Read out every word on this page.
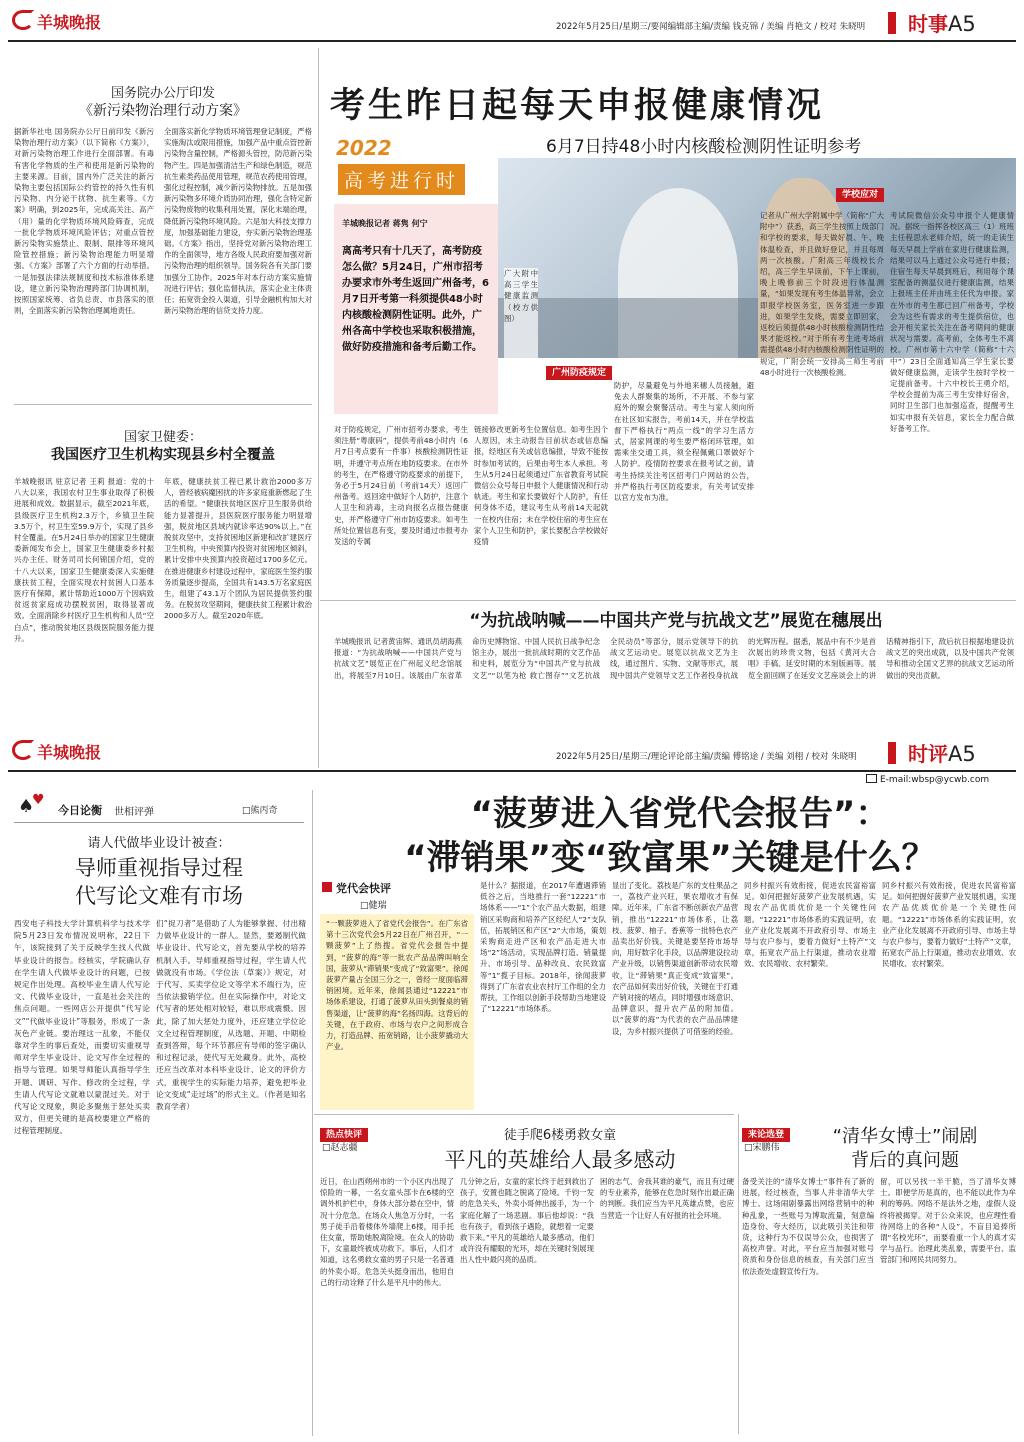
羊城晚报	2022年5月25日/星期三/要闻编辑部主编/责编 钱克锦 / 美编 肖艳文 / 校对 朱晓明 时事A5
国务院办公厅印发
《新污染物治理行动方案》
据新华社电 国务院办公厅日前印发《新污染物治理行动方案》（以下简称《方案》），对新污染物治理工作进行全面部署。有毒有害化学物质的生产和使用是新污染物的主要来源。目前，国内外广泛关注的新污染物主要包括国际公约管控的持久性有机污染物、内分泌干扰物、抗生素等。《方案》明确，到2025年，完成高关注、高产（用）量的化学物质环境风险筛查，完成一批化学物质环境风险评估；对重点管控新污染物实施禁止、限制、限排等环境风险管控措施；新污染物治理能力明显增强。《方案》部署了六个方面的行动举措。一是加强法律法规制度和技术标准体系建设，建立新污染物治理跨部门协调机制，按照国家统筹、省负总责、市县落实的原则，全面落实新污染物治理属地责任。
全面落实新化学物质环境管理登记制度，严格实施淘汰或限用措施，加强产品中重点管控新污染物含量控制，严格源头管控，防范新污染物产生。四是加强清洁生产和绿色制造，规范抗生素类药品使用管理，规范农药使用管理，强化过程控制，减少新污染物排放。五是加强新污染物多环境介质协同治理，强化含特定新污染物废物的收集利用处置，深化末端治理，降低新污染物环境风险。六是加大科技支撑力度，加强基础能力建设，夯实新污染物治理基础。《方案》指出，坚持党对新污染物治理工作的全面领导，地方各级人民政府要加强对新污染物治理的组织领导。国务院各有关部门要加强分工协作。2025年对本行动方案实施情况进行评估；强化监督执法，落实企业主体责任；拓宽资金投入渠道，引导金融机构加大对新污染物治理的信贷支持力度。
国家卫健委：
我国医疗卫生机构实现县乡村全覆盖
羊城晚报讯 驻京记者 王莉 报道：党的十八大以来，我国农村卫生事业取得了积极进展和成效。数据显示，截至2021年底，县级医疗卫生机构2.3万个，乡镇卫生院3.5万个，村卫生室59.9万个，实现了县乡村全覆盖。在5月24日举办的国家卫生健康委新闻发布会上，国家卫生健康委乡村振兴办主任、财务司司长何锦国介绍，党的十八大以来，国家卫生健康委深入实施健康扶贫工程，全面实现农村贫困人口基本医疗有保障，累计帮助近1000万个因病致贫返贫家庭成功摆脱贫困，取得显著成效。全面消除乡村医疗卫生机构和人员“空白点”，推动脱贫地区县级医院服务能力提升。
年底，健康扶贫工程已累计救治2000多万人，曾经被病魔困扰的许多家庭重新燃起了生活的希望。“健康扶贫地区医疗卫生服务供给能力显著提升，县医院医疗服务能力明显增强，脱贫地区县域内就诊率达90%以上。”在脱贫攻坚中，支持贫困地区新建和改扩建医疗卫生机构，中央预算内投资对贫困地区倾斜，累计安排中央预算内投资超过1700多亿元。在推进健康乡村建设过程中，家庭医生签约服务质量逐步提高，全国共有143.5万名家庭医生，组建了43.1万个团队为居民提供签约服务。在脱贫攻坚期间，健康扶贫工程累计救治2000多万人。截至2020年底。
考生昨日起每天申报健康情况
6月7日持48小时内核酸检测阴性证明参考
2022
高考进行时
广大附中高三学生健康监测（校方供图）
羊城晚报记者 蒋隽 何宁
离高考只有十几天了，高考防疫怎么做？5月24日，广州市招考办要求市外考生返回广州备考，6月7日开考第一科须提供48小时内核酸检测阴性证明。此外，广州各高中学校也采取积极措施，做好防疫措施和备考后勤工作。
学校应对
广州防疫规定
记者从广州大学附属中学（简称“广大附中”）获悉，高三学生按照上级部门和学校的要求，每天做好晨、午、晚体温检查，并且做好登记，并且每周两一次核酸。广附高三年级校长介绍，高三学生早读前，下午上课前，晚上晚修前三个时段进行体温测量，“如果发现有考生体温异常，会立即报学校医务室，医务室进一步跟进，如果学生发烧，需要立即回家，返校后须提供48小时核酸检测阴性结果才能返校。”对于所有考生进考场前需提供48小时内核酸检测阴性证明的规定，广附会统一安排高三师生考前48小时进行一次核酸检测。
考试院微信公众号申报个人健康情况。据统一指挥各校区高三（1）班班主任程思永老师介绍，统一的走读生每天早晨上学前在家进行健康监测，结果可以马上通过公众号进行申报；住宿生每天早晨到班后，利用每个课室配备的测温仪进行健康监测，结果上报班主任并由班主任代为申报。家在外市的考生都已回广州备考，学校会为这些有需求的考生提供宿位，也会开相关家长关注在备考期间的健康状况与需要。高考前，全体考生不离校。广州市第十六中学（简称“十六中”）23日全面通知高三学生家长要做好健康监测，走读学生按时学校一定提前备考。十六中校长王勇介绍，学校会提前为高三考生安排好宿舍，同时卫生部门也加强巡查，提醒考生如实申报有关信息，家长全力配合做好备考工作。
对于防疫规定，广州市招考办要求，考生须注册“粤康码”，提供考前48小时内（6月7日考点要有一件事）核酸检测阴性证明，并遵守考点所在地防疫要求。在市外的考生，在严格遵守防疫要求的前提下，务必于5月24日前（考前14天）返回广州备考。返回途中做好个人防护，注意个人卫生和消毒，主动向报名点报告健康史，并严格遵守广州市防疫要求。如考生所处位置信息有变，要及时通过市报考办发送的专属
链接修改更新考生位置信息。如考生因个人原因，未主动报告目前状态或信息编报，经地区有关或信息编报，导致不能按时参加考试的，后果由考生本人承担。考生从5月24日起须通过广东省教育考试院微信公众号每日申报个人健康情况和行动轨迹。考生和家长要做好个人防护，有任何身体不适，建议考生从考前14天起就一在校内住宿；未在学校住宿的考生应在家个人卫生和防护，家长要配合学校做好疫情
防护，尽量避免与外地来穗人员接触，避免去人群聚集的场所，不开展、不参与家庭外的聚会聚餐活动。考生与家人须向所在社区如实报告，考前14天，并在学校监督下严格执行“两点一线”的学习生活方式，居家网课的考生要严格闭环管理，如需乘坐交通工具，须全程佩戴口罩做好个人防护。疫情防控要求在报考试之前，请考生持续关注考区招考门户网站的公告，并严格执行考区防疫要求，有关考试安排以官方发布为准。
“为抗战呐喊——中国共产党与抗战文艺”展览在穗展出
羊城晚报讯 记者黄宙辉、通讯员胡海燕报道：“为抗战呐喊——中国共产党与抗战文艺”展览正在广州起义纪念馆展出，将展至7月10日。该展由广东省革命历史博物馆、中国人民抗日战争纪念馆主办，展出一批抗战时期的文艺作品和史料，展览分为“中国共产党与抗战文艺”“以笔为枪 救亡图存”“文艺抗战 全民动员”等部分，展示党领导下的抗战文艺运动史。展览以抗战文艺为主线，通过图片、实物、文献等形式，展现中国共产党领导文艺工作者投身抗战的光辉历程。据悉，展品中有不少是首次展出的珍贵文物，包括《黄河大合唱》手稿、延安时期的木刻版画等。展览全面回顾了在延安文艺座谈会上的讲话精神指引下，敌后抗日根据地建设抗战文艺的突出成就，以及中国共产党领导和推动全国文艺界的抗战文艺运动所做出的突出贡献。
羊城晚报	2022年5月25日/星期三/理论评论部主编/责编 傅铭途 / 美编 刘栩 / 校对 朱晓明	时评A5
E-mail:wbsp@ycwb.com
♠
♥
今日论衡 世相评弹	□熊丙奇
请人代做毕业设计被查：
导师重视指导过程
代写论文难有市场
西安电子科技大学计算机科学与技术学院5月23日发布情况说明称，22日下午，该院接到了关于反映学生找人代做毕业设计的报告。经核实，学院确认存在学生请人代做毕业设计的问题，已按规定作出处理。高校毕业生请人代写论文、代做毕业设计，一直是社会关注的焦点问题。一些网店公开提供“代写论文”“代做毕业设计”等服务，形成了一条灰色产业链。要治理这一乱象，不能仅靠对学生的事后查处，而要切实重视导师对学生毕业设计、论文写作全过程的指导与管理。如果导师能认真指导学生开题、调研、写作、修改的全过程，学生请人代写论文就难以蒙混过关。对于代写论文现象，舆论多聚焦于惩处买卖双方，但更关键的是高校要建立严格的过程管理制度。
们“捉刀者”是借助了人为能够掌握、付出精力做毕业设计的一群人。显然，要遏制代做毕业设计、代写论文，首先要从学校的培养机制入手。导师重视指导过程，学生请人代做就没有市场。《学位法（草案）》规定，对于代写、买卖学位论文等学术不端行为，应当依法撤销学位。但在实际操作中，对论文代写者的惩处相对较轻，难以形成震慑。因此，除了加大惩处力度外，还应建立学位论文全过程管理制度，从选题、开题、中期检查到答辩，每个环节都应有导师的签字确认和过程记录，使代写无处藏身。此外，高校还应当改革对本科毕业设计、论文的评价方式，重视学生的实际能力培养，避免把毕业论文变成“走过场”的形式主义。（作者是知名教育学者）
“菠萝进入省党代会报告”：
“滞销果”变“致富果”关键是什么？
党代会快评
□健瑞
“一颗菠萝进入了省党代会报告”。在广东省第十三次党代会5月22日在广州召开，“一颗菠萝”上了热搜。省党代会报告中提到，“菠萝的海”等一批农产品品牌叫响全国，菠萝从“滞销果”变成了“致富果”。徐闻菠萝产量占全国三分之一，曾经一度面临滞销困境。近年来，徐闻县通过“12221”市场体系建设，打通了菠萝从田头到餐桌的销售渠道，让“菠萝的海”名扬四海。这背后的关键，在于政府、市场与农户之间形成合力，打造品牌、拓宽销路，让小菠萝撬动大产业。
是什么？据报道，在2017年遭遇滞销低谷之后，当地推行一套“12221”市场体系——“1”个农产品大数据，组建销区采购商和培养产区经纪人“2”支队伍，拓展销区和产区“2”大市场，策划采购商走进产区和农产品走进大市场“2”场活动，实现品牌打造、销量提升、市场引导、品种改良、农民致富等“1”揽子目标。2018年，徐闻菠萝得到了广东省农业农村厅工作组的全力帮扶，工作组以创新手段帮助当地建设了“12221”市场体系。
显出了变化。荔枝是广东的支柱果品之一，荔枝产业兴旺，果农增收才有保障。近年来，广东省不断创新农产品营销，推出“12221”市场体系，让荔枝、菠萝、柚子、香蕉等一批特色农产品卖出好价钱。关键是要坚持市场导向，用好数字化手段，以品牌建设拉动产业升级，以销售渠道创新带动农民增收，让“滞销果”真正变成“致富果”。农产品如何卖出好价钱，关键在于打通产销对接的堵点，同时增强市场意识、品牌意识，提升农产品的附加值。以“菠萝的海”为代表的农产品品牌建设，为乡村振兴提供了可借鉴的经验。
同乡村振兴有效衔接，促进农民富裕富足。如何把握好菠萝产业发展机遇，实现农产品优质优价是一个关键性问题。“12221”市场体系的实践证明，农业产业化发展离不开政府引导、市场主导与农户参与，要着力做好“土特产”文章，拓宽农产品上行渠道，推动农业增效、农民增收、农村繁荣。
同乡村振兴有效衔接，促进农民富裕富足。如何把握好菠萝产业发展机遇，实现农产品优质优价是一个关键性问题。“12221”市场体系的实践证明，农业产业化发展离不开政府引导、市场主导与农户参与，要着力做好“土特产”文章，拓宽农产品上行渠道，推动农业增效、农民增收、农村繁荣。
热点快评
□赵志疆
徒手爬6楼勇救女童
平凡的英雄给人最多感动
近日，在山西朔州市的一个小区内出现了惊险的一幕，一名女童头部卡在6楼的空调外机护栏中，身体大部分悬在空中，情况十分危急。在场众人焦急万分时，一名男子徒手沿着楼体外墙爬上6楼，用手托住女童，帮助她脱离险境。在众人的协助下，女童最终被成功救下。事后，人们才知道，这名勇救女童的男子只是一名普通的外卖小哥。危急关头挺身而出，他用自己的行动诠释了什么是平凡中的伟大。
几分钟之后，女童的家长终于赶到救出了孩子，安置也随之脱离了险境。千钧一发的危急关头，外卖小哥伸出援手，为一个家庭化解了一场悲剧。事后他却说：“我也有孩子，看到孩子遇险，就想着一定要救下来。”平凡的英雄给人最多感动，他们或许没有耀眼的光环，却在关键时刻展现出人性中最闪亮的品质。
困的志气、舍我其谁的豪气，而且有过硬的专业素养，能够在危急时刻作出最正确的判断。我们应当为平凡英雄点赞，也应当营造一个让好人有好报的社会环境。
来论选登
□宋鹏伟
“清华女博士”闹剧
背后的真问题
备受关注的“清华女博士”事件有了新的进展，经过核查，当事人并非清华大学博士。这场闹剧暴露出网络营销中的种种乱象，一些账号为博取流量，刻意编造身份、夸大经历，以此吸引关注和带货，这种行为不仅误导公众，也损害了高校声誉。对此，平台应当加强对账号资质和身份信息的核查，有关部门应当依法查处虚假宣传行为。
留，可以另找一半干脆，当了清华女博士。即便学历是真的，也不能以此作为牟利的筹码。网络不是法外之地，虚假人设终将被揭穿。对于公众来说，也应理性看待网络上的各种“人设”，不盲目追捧所谓“名校光环”，而要看重一个人的真才实学与品行。治理此类乱象，需要平台、监管部门和网民共同努力。
